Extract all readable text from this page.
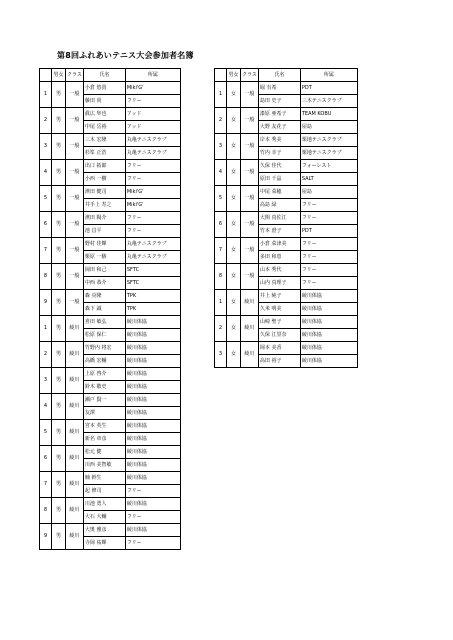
第8回ふれあいテニス大会参加者名簿
	男女	クラス	氏名	所属
1	男	一般	小倉 悠貴	Miki'G'
			藤田 尚	フリー
2	男	一般	眞広 隼也	アッド
			中尾 岳裕	アッド
3	男	一般	三木 宏隆	丸亀テニスクラブ
			杉峯 正浩	丸亀テニスクラブ
4	男	一般	出口 拓郎	フリー
			小西 一樹	フリー
5	男	一般	濱田 健司	Miki'G'
			井手上 寿之	Miki'G'
6	男	一般	濱田 陽介	フリー
			池 昌平	フリー
7	男	一般	野村 佳輝	丸亀テニスクラブ
			栗原 一駿	丸亀テニスクラブ
8	男	一般	岡田 和己	SFTC
			中西 恭介	SFTC
9	男	一般	森 亮隆	TPK
			森下 誠	TPK
1	男	綾川	喜田 敏弘	綾川体協
			松原 保仁	綾川体協
2	男	綾川	竹野内 将宏	綾川体協
			高橋 宏輔	綾川体協
3	男	綾川	上原 啓介	綾川体協
			鈴木 敬史	綾川体協
4	男	綾川	瀬戸 賢一	綾川体協
			友澤	綾川体協
5	男	綾川	宮本 英生	綾川体協
			新名 章彦	綾川体協
6	男	綾川	松元 健	綾川体協
			川西 美智敏	綾川体協
7	男	綾川	楠 幹生	綾川体協
			起 修司	フリー
8	男	綾川	川池 勇人	綾川体協
			大石 大輔	フリー
9	男	綾川	大奥 雅彦	綾川体協
			寺岡 祐輝	フリー
	男女	クラス	氏名	所属
1	女	一般	堀 有希	PDT
			島田 史子	三木テニスクラブ
2	女	一般	漆原 亜希子	TEAM KOBU
			大野 友花子	屋島
3	女	一般	岸本 秀美	栗地テニスクラブ
			竹内 幸子	栗地テニスクラブ
4	女	一般	久保 佳代	フォーレスト
			原田 千晶	SALT
5	女	一般	中尾 菜穂	屋島
			高島 緑	フリー
6	女	一般	大関 真佐江	フリー
			竹本 澄子	PDT
7	女	一般	小倉 菜津美	フリー
			多田 和恵	フリー
8	女	一般	山本 秀代	フリー
			山内 真理子	フリー
1	女	綾川	井上 純子	綾川体協
			久米 明美	綾川体協
2	女	綾川	山崎 聖子	綾川体協
			久保 江里奈	綾川体協
3	女	綾川	岡本 美香	綾川体協
			高田 裕子	綾川体協
